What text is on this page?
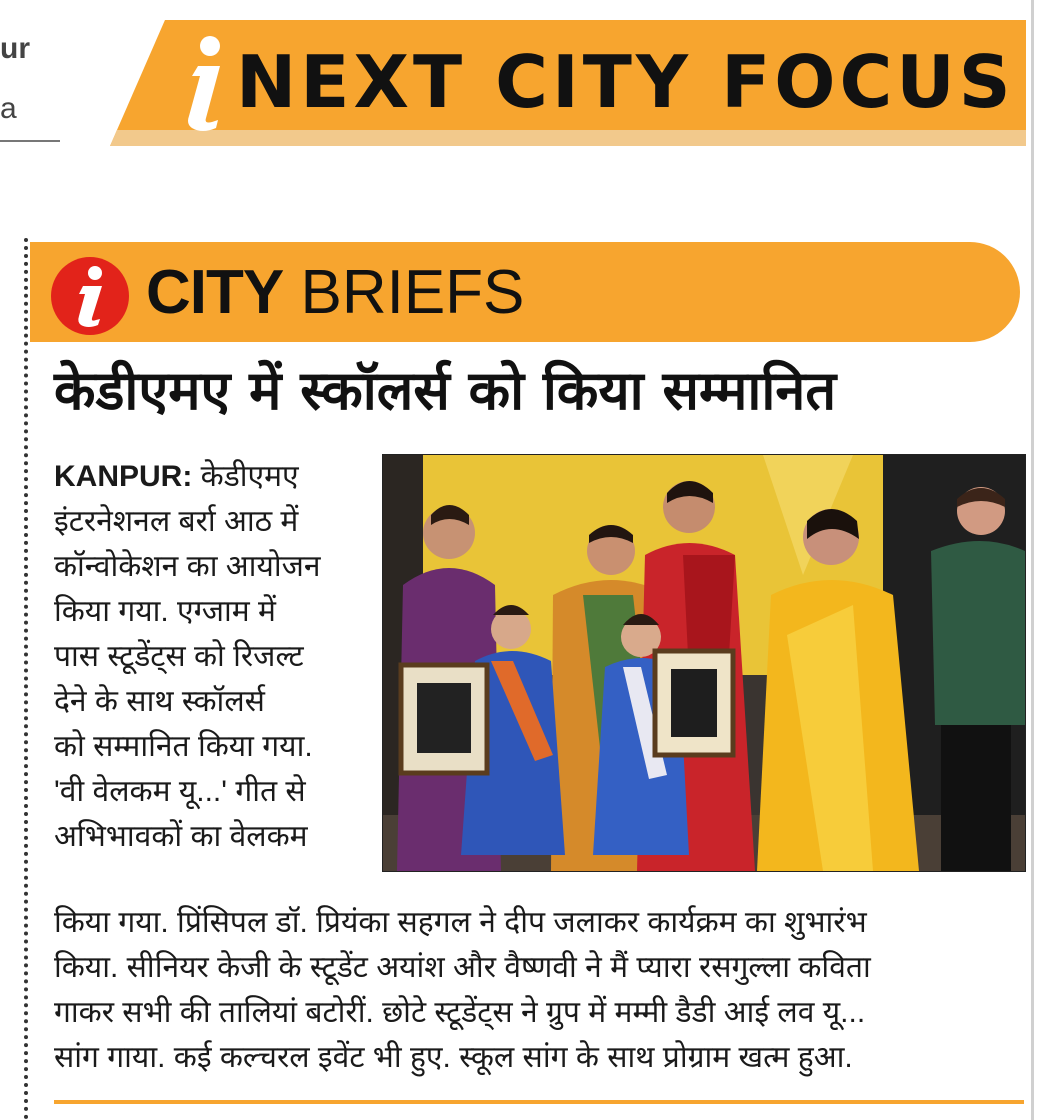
ur
a	NEXT CITY FOCUS
CITY BRIEFS
केडीएमए में स्कॉलर्स को किया सम्मानित
KANPUR: केडीएमए
इंटरनेशनल बर्रा आठ में
कॉन्वोकेशन का आयोजन
किया गया. एग्जाम में
पास स्टूडेंट्स को रिजल्ट
देने के साथ स्कॉलर्स
को सम्मानित किया गया.
'वी वेलकम यू...' गीत से
अभिभावकों का वेलकम
किया गया. प्रिंसिपल डॉ. प्रियंका सहगल ने दीप जलाकर कार्यक्रम का शुभारंभ
किया. सीनियर केजी के स्टूडेंट अयांश और वैष्णवी ने मैं प्यारा रसगुल्ला कविता
गाकर सभी की तालियां बटोरीं. छोटे स्टूडेंट्स ने ग्रुप में मम्मी डैडी आई लव यू...
सांग गाया. कई कल्चरल इवेंट भी हुए. स्कूल सांग के साथ प्रोग्राम खत्म हुआ.
